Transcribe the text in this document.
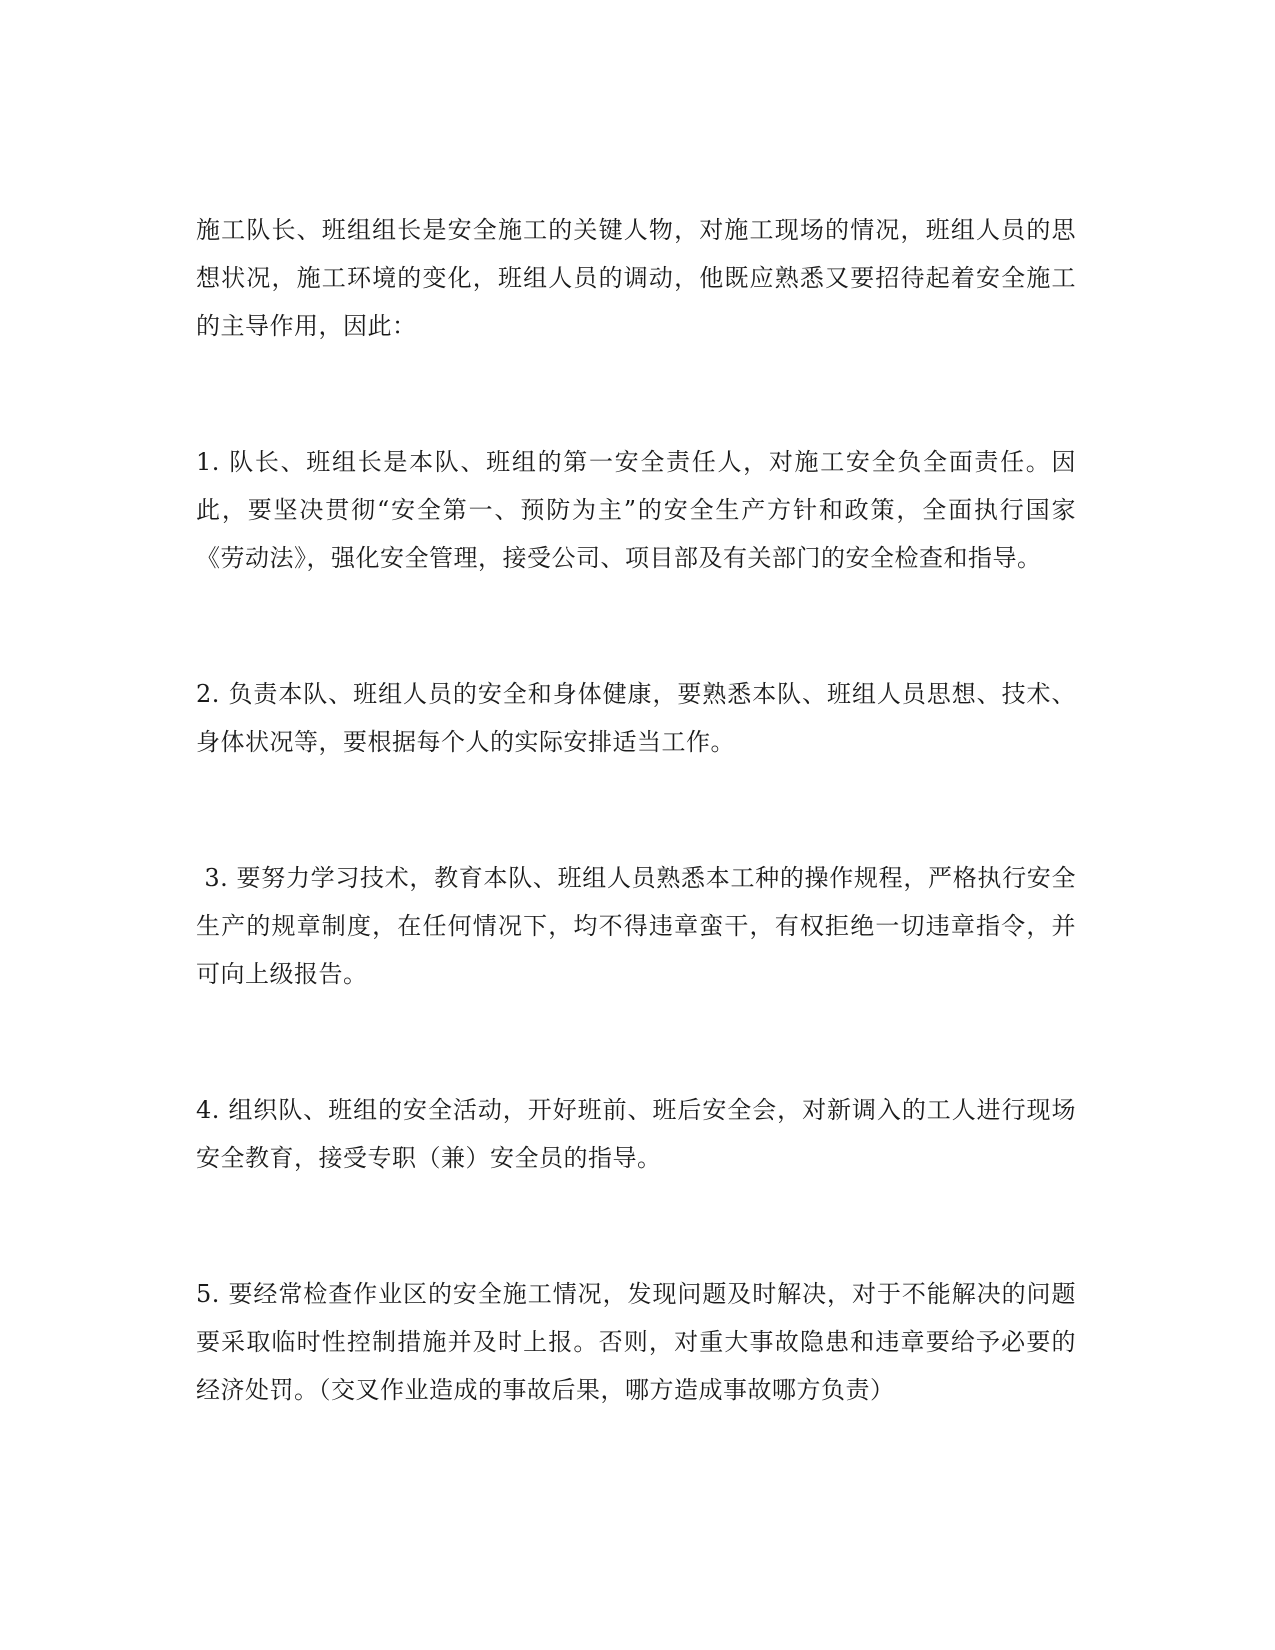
施工队长、班组组长是安全施工的关键人物，对施工现场的情况，班组人员的思想状况，施工环境的变化，班组人员的调动，他既应熟悉又要招待起着安全施工的主导作用，因此：

1. 队长、班组长是本队、班组的第一安全责任人，对施工安全负全面责任。因此，要坚决贯彻“安全第一、预防为主”的安全生产方针和政策，全面执行国家《劳动法》，强化安全管理，接受公司、项目部及有关部门的安全检查和指导。

2. 负责本队、班组人员的安全和身体健康，要熟悉本队、班组人员思想、技术、身体状况等，要根据每个人的实际安排适当工作。

3. 要努力学习技术，教育本队、班组人员熟悉本工种的操作规程，严格执行安全生产的规章制度，在任何情况下，均不得违章蛮干，有权拒绝一切违章指令，并可向上级报告。

4. 组织队、班组的安全活动，开好班前、班后安全会，对新调入的工人进行现场安全教育，接受专职（兼）安全员的指导。

5. 要经常检查作业区的安全施工情况，发现问题及时解决，对于不能解决的问题要采取临时性控制措施并及时上报。否则，对重大事故隐患和违章要给予必要的经济处罚。（交叉作业造成的事故后果，哪方造成事故哪方负责）
